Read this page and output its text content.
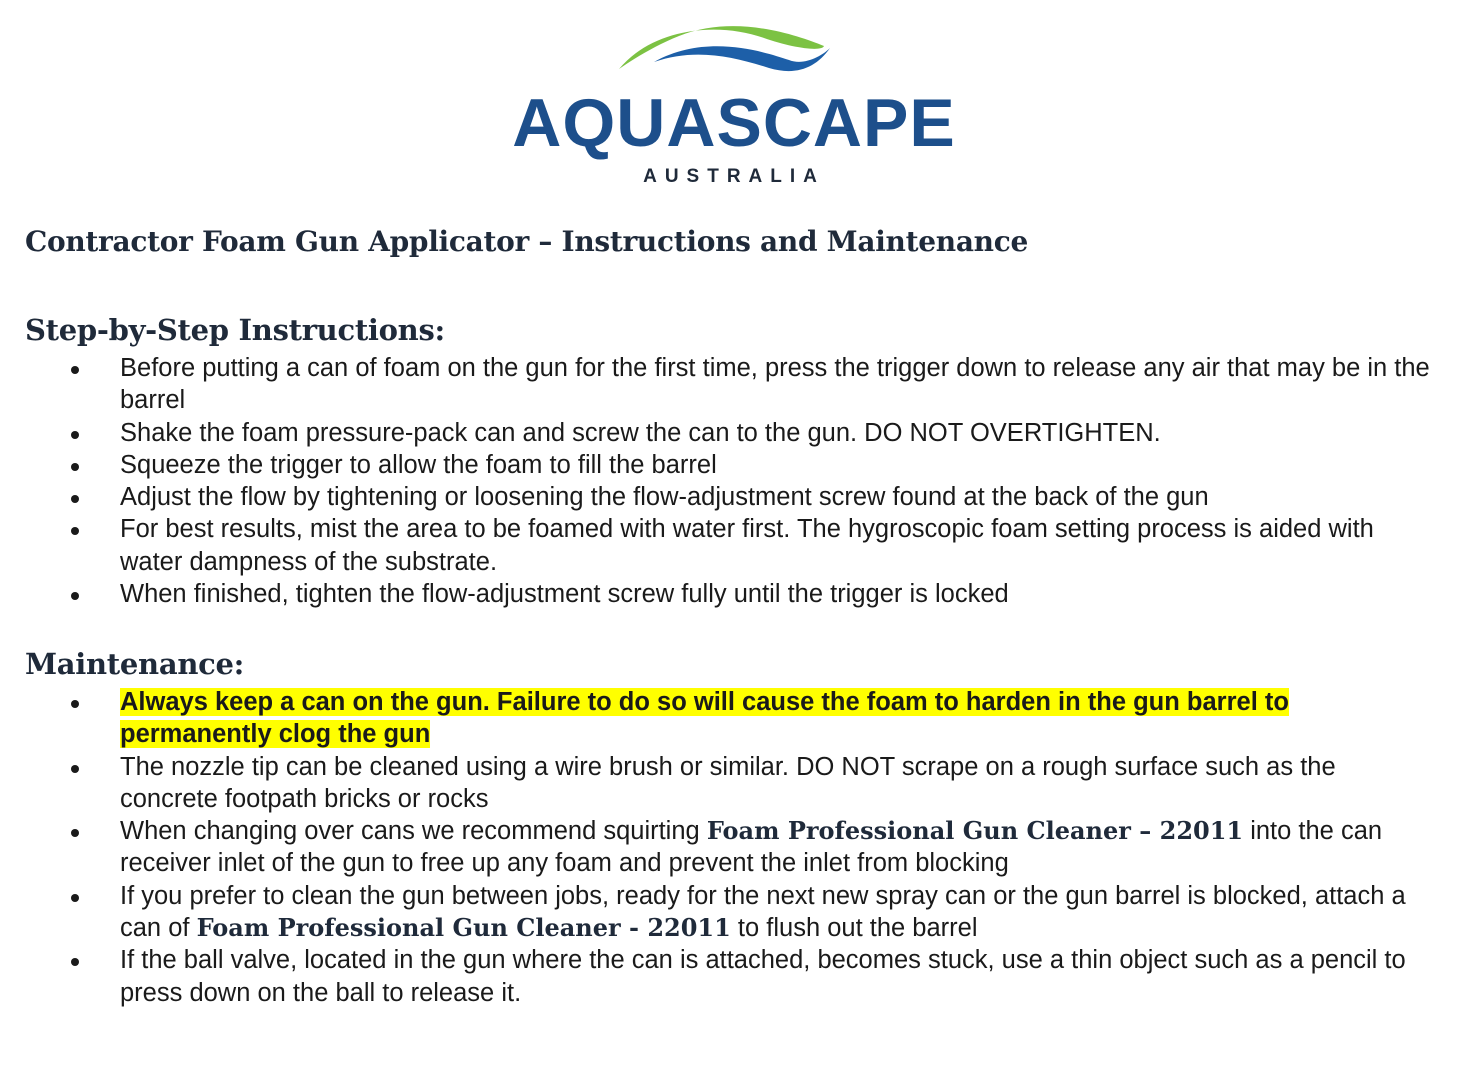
AQUASCAPE
AUSTRALIA
Contractor Foam Gun Applicator – Instructions and Maintenance
Step-by-Step Instructions:
Before putting a can of foam on the gun for the first time, press the trigger down to release any air that may be in the barrel
Shake the foam pressure-pack can and screw the can to the gun. DO NOT OVERTIGHTEN.
Squeeze the trigger to allow the foam to fill the barrel
Adjust the flow by tightening or loosening the flow-adjustment screw found at the back of the gun
For best results, mist the area to be foamed with water first. The hygroscopic foam setting process is aided with water dampness of the substrate.
When finished, tighten the flow-adjustment screw fully until the trigger is locked
Maintenance:
Always keep a can on the gun. Failure to do so will cause the foam to harden in the gun barrel to permanently clog the gun
The nozzle tip can be cleaned using a wire brush or similar. DO NOT scrape on a rough surface such as the concrete footpath bricks or rocks
When changing over cans we recommend squirting Foam Professional Gun Cleaner – 22011 into the can receiver inlet of the gun to free up any foam and prevent the inlet from blocking
If you prefer to clean the gun between jobs, ready for the next new spray can or the gun barrel is blocked, attach a can of Foam Professional Gun Cleaner - 22011 to flush out the barrel
If the ball valve, located in the gun where the can is attached, becomes stuck, use a thin object such as a pencil to press down on the ball to release it.
